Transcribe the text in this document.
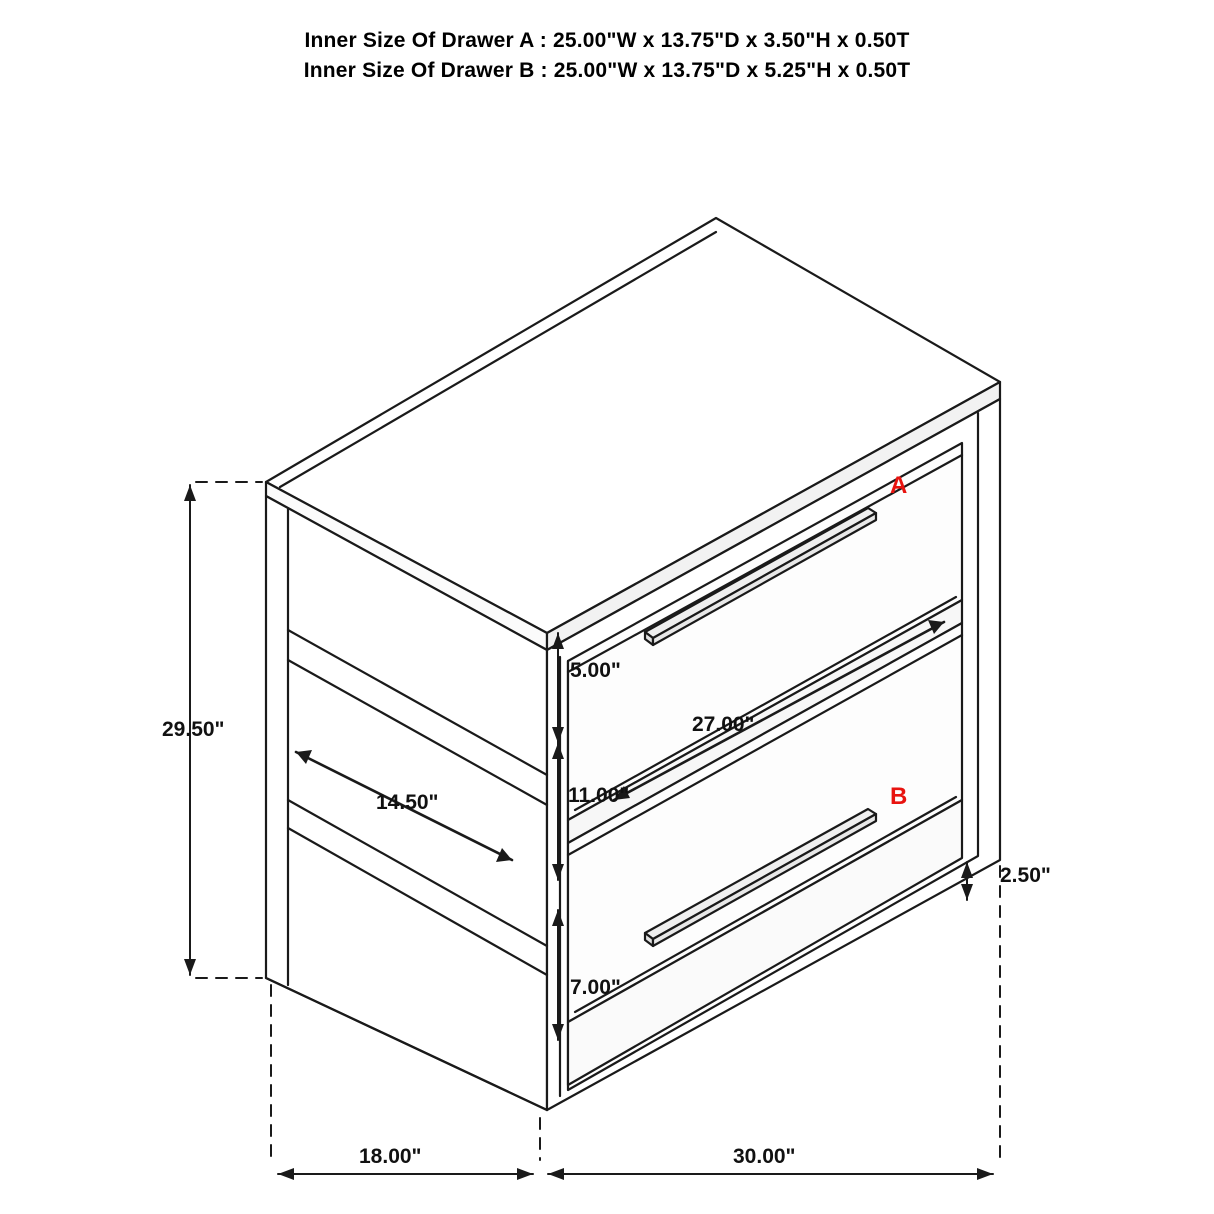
Inner Size Of Drawer A : 25.00"W x 13.75"D x 3.50"H x 0.50T
Inner Size Of Drawer B : 25.00"W x 13.75"D x 5.25"H x 0.50T
29.50"
5.00"
11.00"
7.00"
14.50"
27.00"
2.50"
18.00"	30.00"
A
B
